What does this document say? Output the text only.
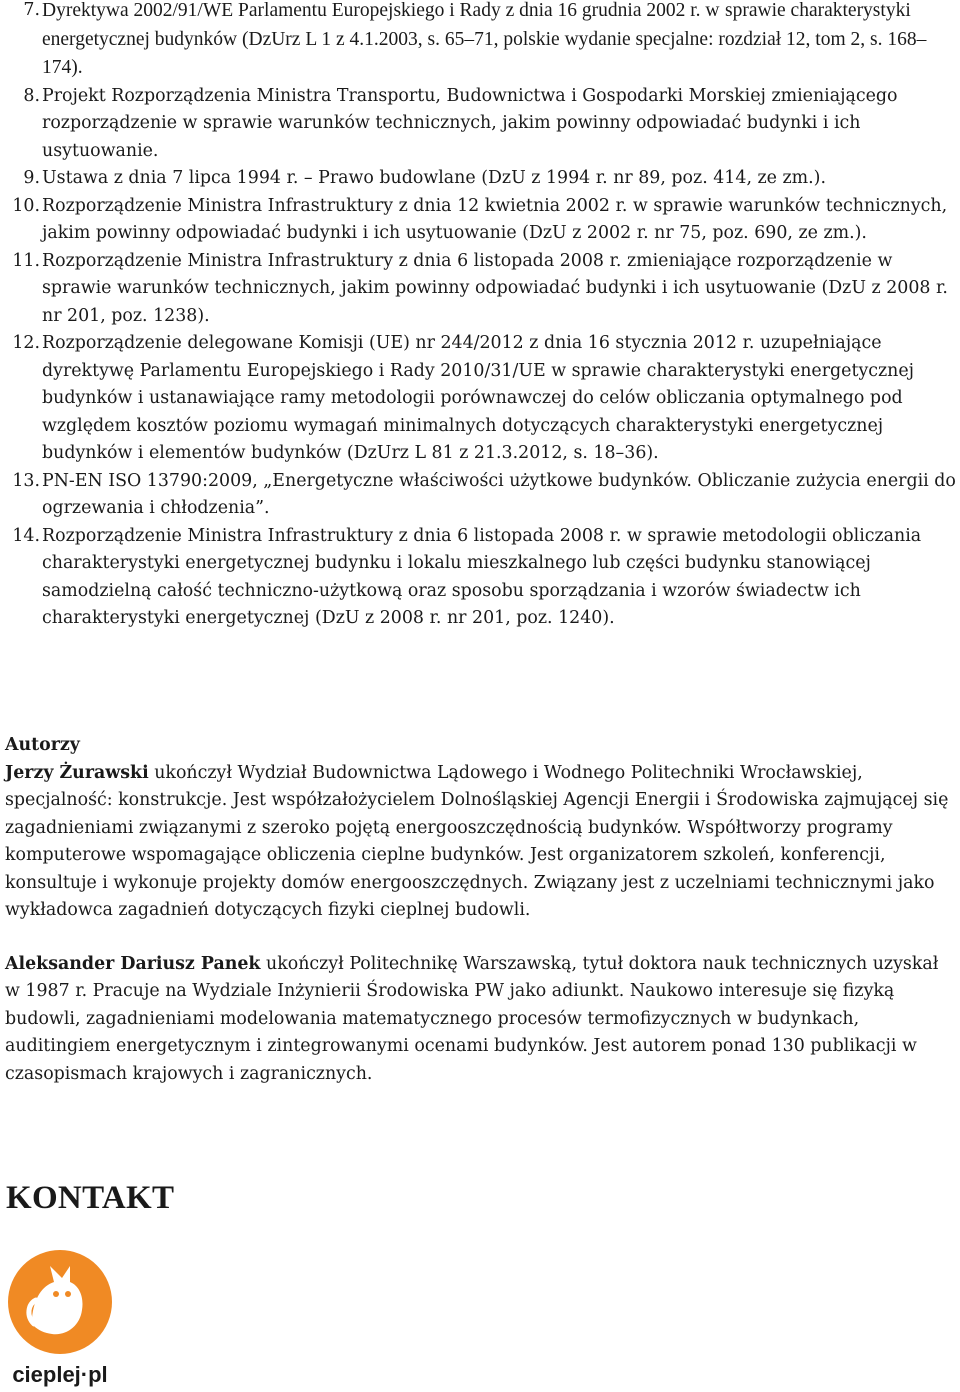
7. Dyrektywa 2002/91/WE Parlamentu Europejskiego i Rady z dnia 16 grudnia 2002 r. w sprawie charakterystyki energetycznej budynków (DzUrz L 1 z 4.1.2003, s. 65–71, polskie wydanie specjalne: rozdział 12, tom 2, s. 168–174).
8. Projekt Rozporządzenia Ministra Transportu, Budownictwa i Gospodarki Morskiej zmieniającego rozporządzenie w sprawie warunków technicznych, jakim powinny odpowiadać budynki i ich usytuowanie.
9. Ustawa z dnia 7 lipca 1994 r. – Prawo budowlane (DzU z 1994 r. nr 89, poz. 414, ze zm.).
10. Rozporządzenie Ministra Infrastruktury z dnia 12 kwietnia 2002 r. w sprawie warunków technicznych, jakim powinny odpowiadać budynki i ich usytuowanie (DzU z 2002 r. nr 75, poz. 690, ze zm.).
11. Rozporządzenie Ministra Infrastruktury z dnia 6 listopada 2008 r. zmieniające rozporządzenie w sprawie warunków technicznych, jakim powinny odpowiadać budynki i ich usytuowanie (DzU z 2008 r. nr 201, poz. 1238).
12. Rozporządzenie delegowane Komisji (UE) nr 244/2012 z dnia 16 stycznia 2012 r. uzupełniające dyrektywę Parlamentu Europejskiego i Rady 2010/31/UE w sprawie charakterystyki energetycznej budynków i ustanawiające ramy metodologii porównawczej do celów obliczania optymalnego pod względem kosztów poziomu wymagań minimalnych dotyczących charakterystyki energetycznej budynków i elementów budynków (DzUrz L 81 z 21.3.2012, s. 18–36).
13. PN-EN ISO 13790:2009, „Energetyczne właściwości użytkowe budynków. Obliczanie zużycia energii do ogrzewania i chłodzenia”.
14. Rozporządzenie Ministra Infrastruktury z dnia 6 listopada 2008 r. w sprawie metodologii obliczania charakterystyki energetycznej budynku i lokalu mieszkalnego lub części budynku stanowiącej samodzielną całość techniczno-użytkową oraz sposobu sporządzania i wzorów świadectw ich charakterystyki energetycznej (DzU z 2008 r. nr 201, poz. 1240).

Autorzy

Jerzy Żurawski ukończył Wydział Budownictwa Lądowego i Wodnego Politechniki Wrocławskiej, specjalność: konstrukcje. Jest współzałożycielem Dolnośląskiej Agencji Energii i Środowiska zajmującej się zagadnieniami związanymi z szeroko pojętą energooszczędnością budynków. Współtworzy programy komputerowe wspomagające obliczenia cieplne budynków. Jest organizatorem szkoleń, konferencji, konsultuje i wykonuje projekty domów energooszczędnych. Związany jest z uczelniami technicznymi jako wykładowca zagadnień dotyczących fizyki cieplnej budowli.

Aleksander Dariusz Panek ukończył Politechnikę Warszawską, tytuł doktora nauk technicznych uzyskał w 1987 r. Pracuje na Wydziale Inżynierii Środowiska PW jako adiunkt. Naukowo interesuje się fizyką budowli, zagadnieniami modelowania matematycznego procesów termofizycznych w budynkach, auditingiem energetycznym i zintegrowanymi ocenami budynków. Jest autorem ponad 130 publikacji w czasopismach krajowych i zagranicznych.

KONTAKT
cieplej·pl
